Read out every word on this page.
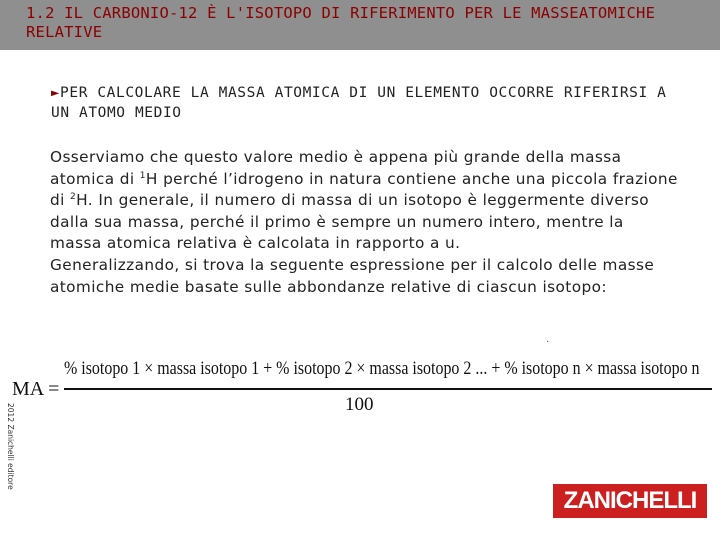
1.2 IL CARBONIO-12 È L'ISOTOPO DI RIFERIMENTO PER LE MASSEATOMICHE RELATIVE
►PER CALCOLARE LA MASSA ATOMICA DI UN ELEMENTO OCCORRE RIFERIRSI A UN ATOMO MEDIO

Osserviamo che questo valore medio è appena più grande della massa atomica di $^1$H perché l’idrogeno in natura contiene anche una piccola frazione di $^2$H. In generale, il numero di massa di un isotopo è leggermente diverso dalla sua massa, perché il primo è sempre un numero intero, mentre la massa atomica relativa è calcolata in rapporto a u.

Generalizzando, si trova la seguente espressione per il calcolo delle masse atomiche medie basate sulle abbondanze relative di ciascun isotopo:

.
MA =
% isotopo 1 × massa isotopo 1 + % isotopo 2 × massa isotopo 2 ... + % isotopo n × massa isotopo n
100
2012 Zanichelli editore
ZANICHELLI
